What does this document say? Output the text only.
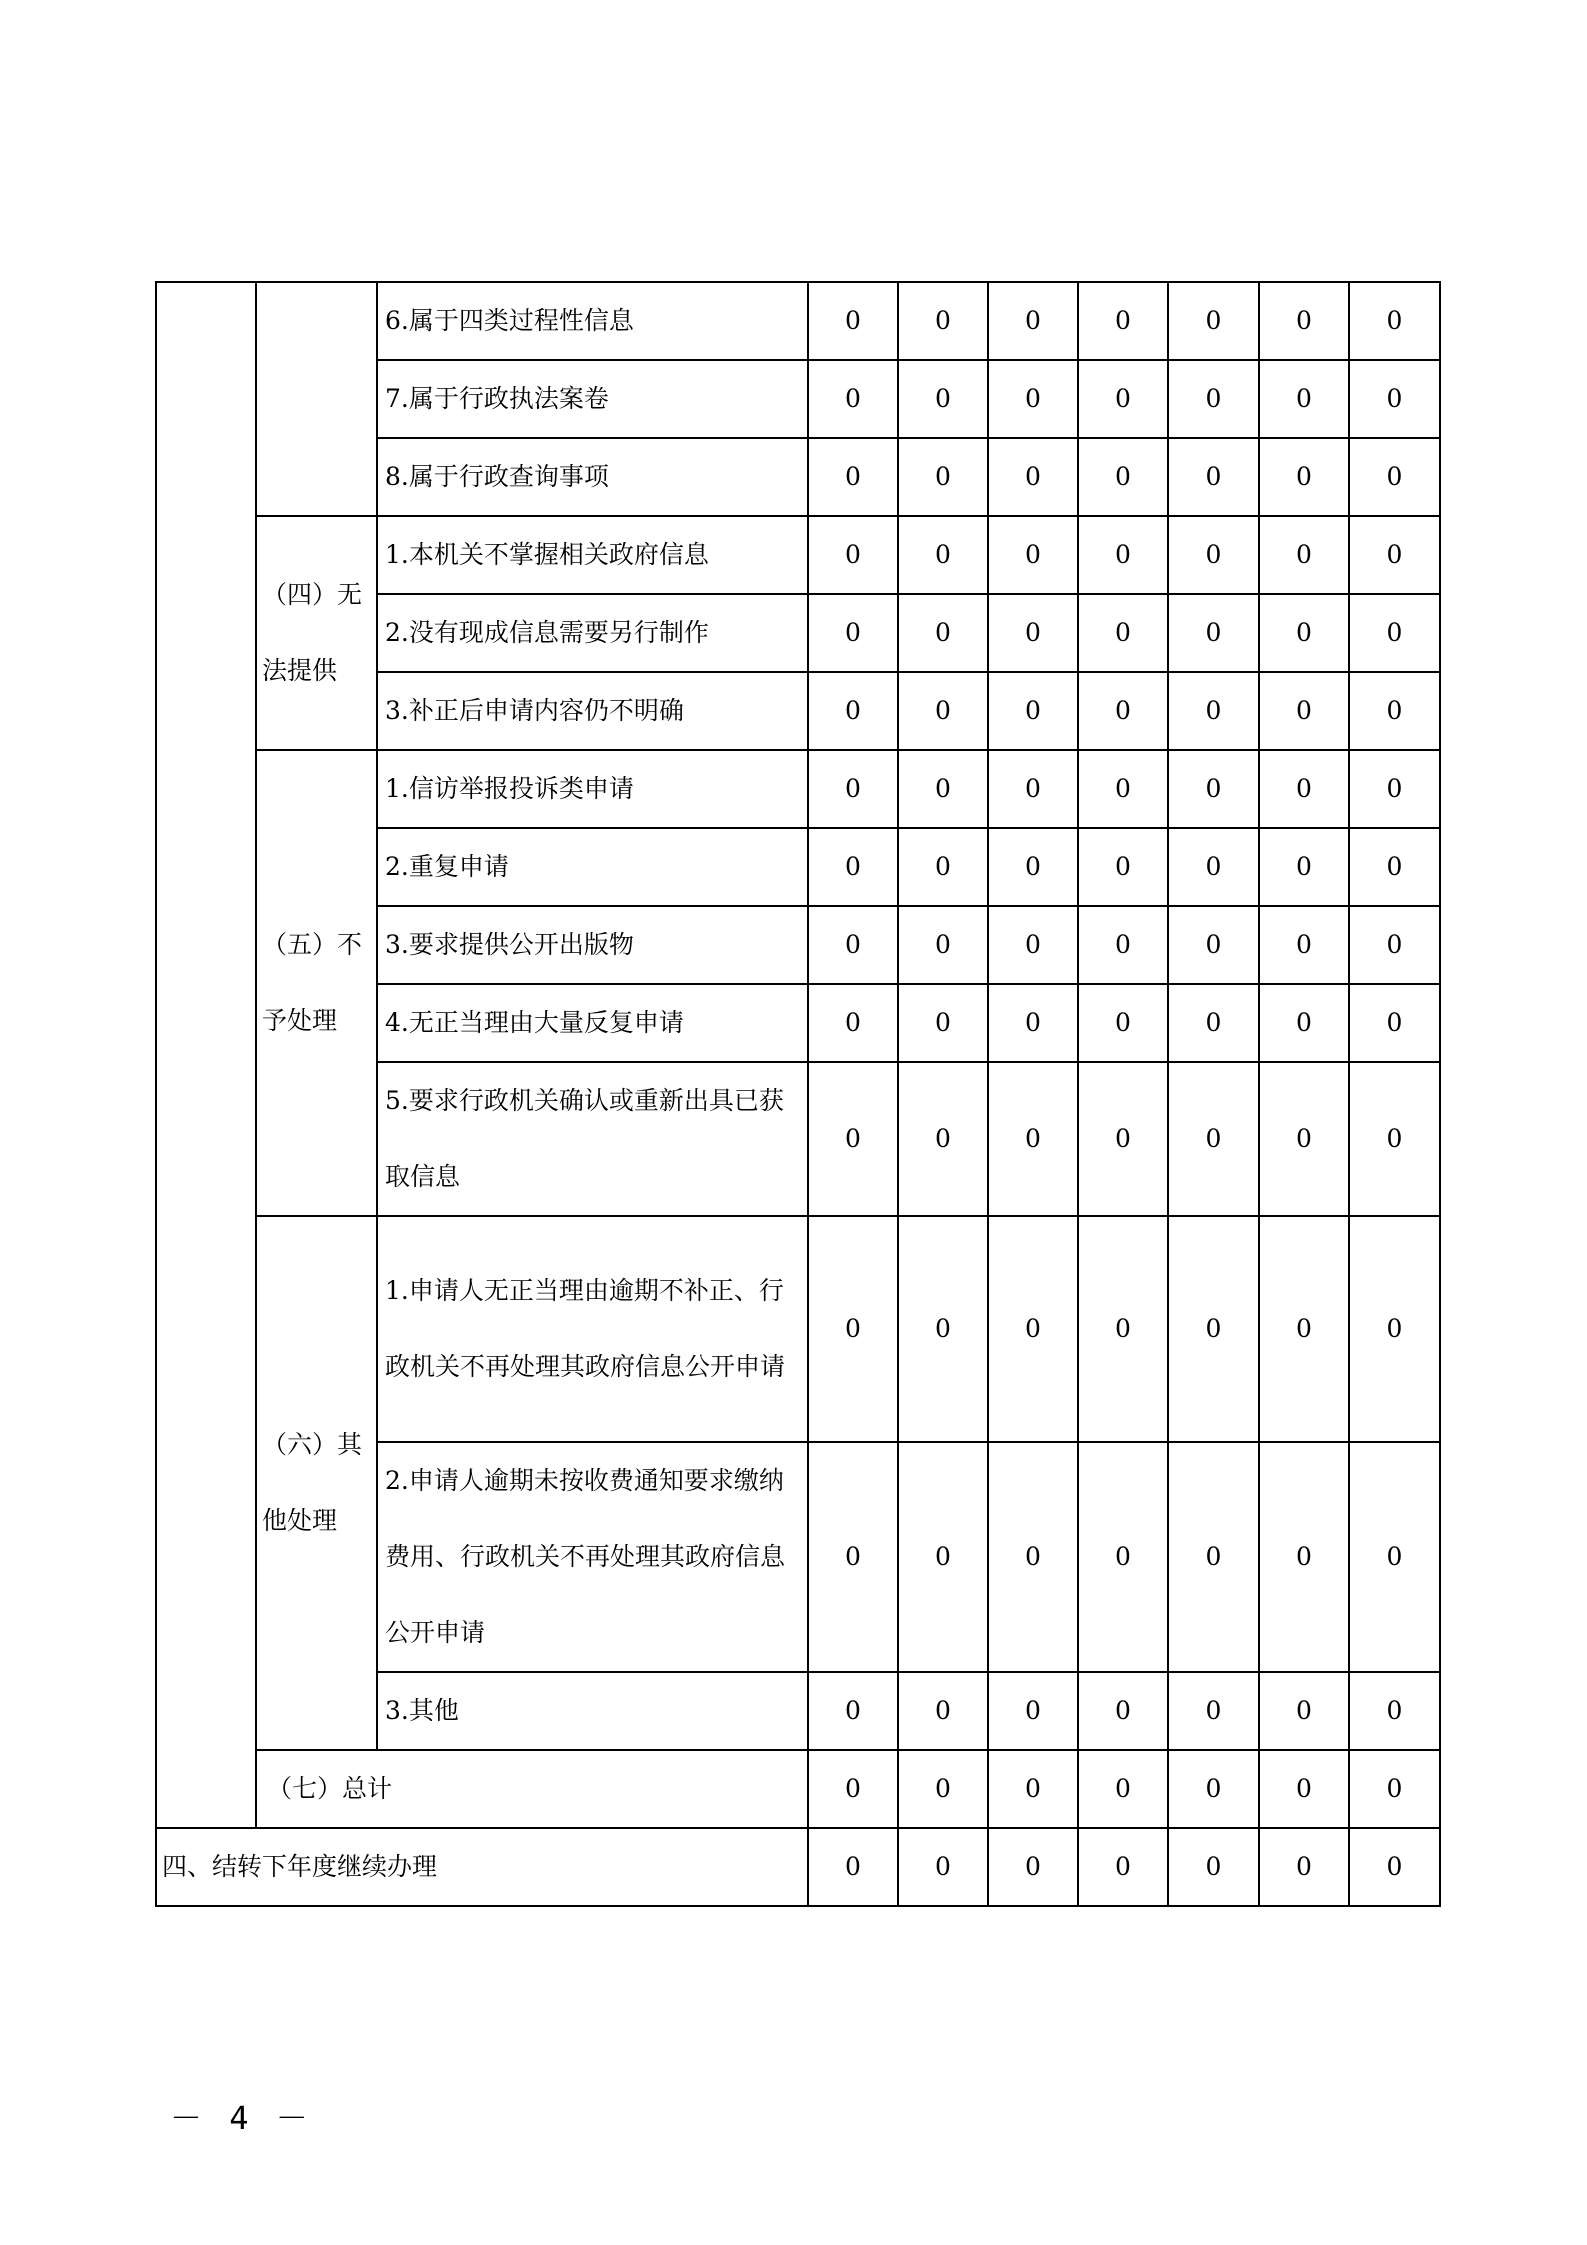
		6.属于四类过程性信息	0	0	0	0	0	0	0
		7.属于行政执法案卷	0	0	0	0	0	0	0
		8.属于行政查询事项	0	0	0	0	0	0	0
	（四）无法提供	1.本机关不掌握相关政府信息	0	0	0	0	0	0	0
		2.没有现成信息需要另行制作	0	0	0	0	0	0	0
		3.补正后申请内容仍不明确	0	0	0	0	0	0	0
	（五）不予处理	1.信访举报投诉类申请	0	0	0	0	0	0	0
		2.重复申请	0	0	0	0	0	0	0
		3.要求提供公开出版物	0	0	0	0	0	0	0
		4.无正当理由大量反复申请	0	0	0	0	0	0	0
		5.要求行政机关确认或重新出具已获取信息	0	0	0	0	0	0	0
	（六）其他处理	1.申请人无正当理由逾期不补正、行政机关不再处理其政府信息公开申请	0	0	0	0	0	0	0
		2.申请人逾期未按收费通知要求缴纳费用、行政机关不再处理其政府信息公开申请	0	0	0	0	0	0	0
		3.其他	0	0	0	0	0	0	0
	（七）总计		0	0	0	0	0	0	0
四、结转下年度继续办理			0	0	0	0	0	0	0
－ 4 －
